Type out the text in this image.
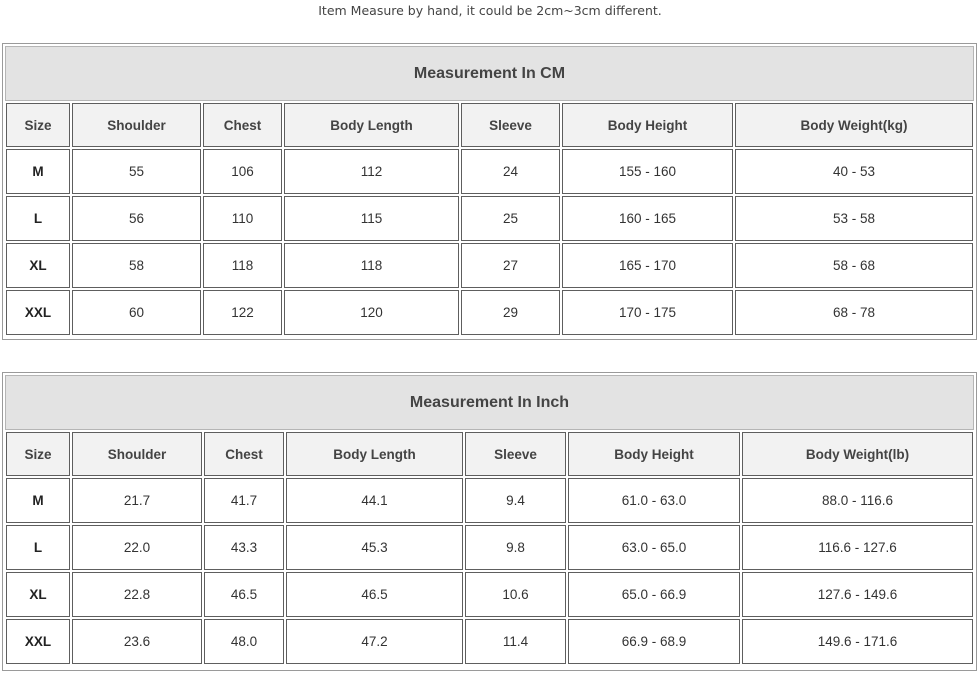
Item Measure by hand, it could be 2cm~3cm different.
Measurement In CM
Size	Shoulder	Chest	Body Length	Sleeve	Body Height	Body Weight(kg)
M	55	106	112	24	155 - 160	40 - 53
L	56	110	115	25	160 - 165	53 - 58
XL	58	118	118	27	165 - 170	58 - 68
XXL	60	122	120	29	170 - 175	68 - 78
Measurement In Inch
Size	Shoulder	Chest	Body Length	Sleeve	Body Height	Body Weight(lb)
M	21.7	41.7	44.1	9.4	61.0 - 63.0	88.0 - 116.6
L	22.0	43.3	45.3	9.8	63.0 - 65.0	116.6 - 127.6
XL	22.8	46.5	46.5	10.6	65.0 - 66.9	127.6 - 149.6
XXL	23.6	48.0	47.2	11.4	66.9 - 68.9	149.6 - 171.6
